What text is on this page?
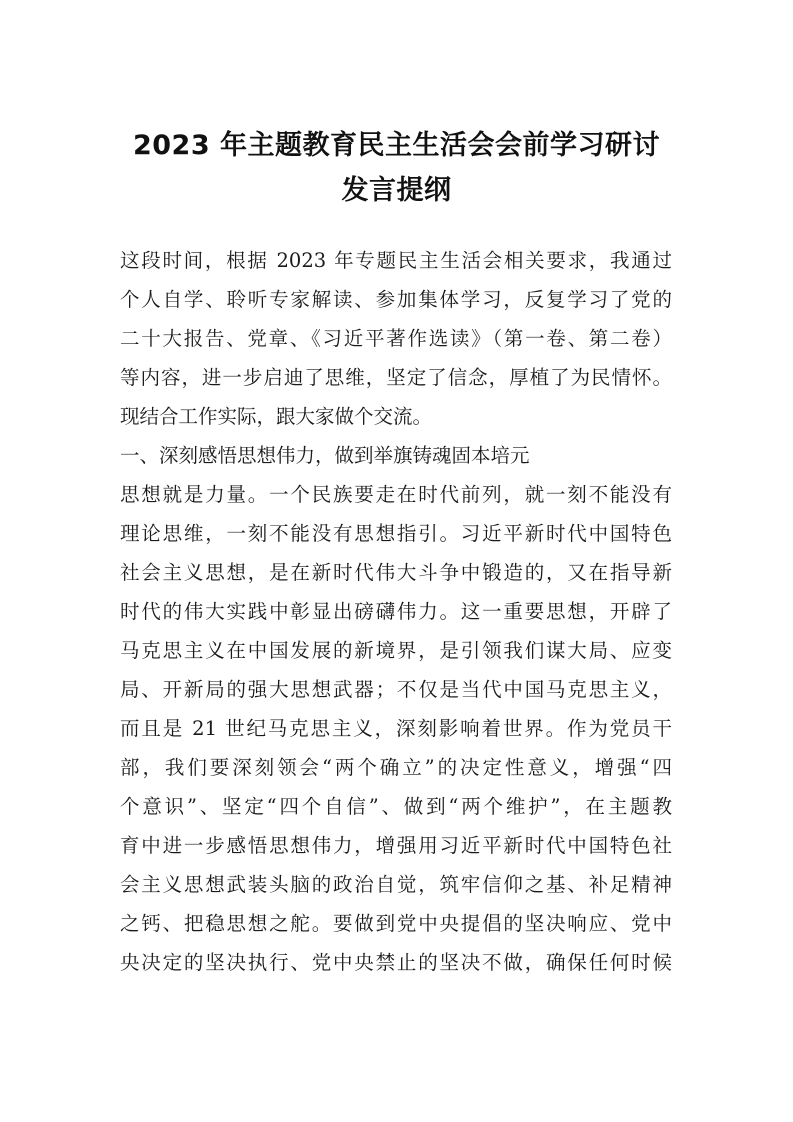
2023 年主题教育民主生活会会前学习研讨
发言提纲
这段时间，根据 2023 年专题民主生活会相关要求，我通过
个人自学、聆听专家解读、参加集体学习，反复学习了党的
二十大报告、党章、《习近平著作选读》（第一卷、第二卷）
等内容，进一步启迪了思维，坚定了信念，厚植了为民情怀。
现结合工作实际，跟大家做个交流。
一、深刻感悟思想伟力，做到举旗铸魂固本培元
思想就是力量。一个民族要走在时代前列，就一刻不能没有
理论思维，一刻不能没有思想指引。习近平新时代中国特色
社会主义思想，是在新时代伟大斗争中锻造的，又在指导新
时代的伟大实践中彰显出磅礴伟力。这一重要思想，开辟了
马克思主义在中国发展的新境界，是引领我们谋大局、应变
局、开新局的强大思想武器；不仅是当代中国马克思主义，
而且是 21 世纪马克思主义，深刻影响着世界。作为党员干
部，我们要深刻领会“两个确立”的决定性意义，增强“四
个意识”、坚定“四个自信”、做到“两个维护”，在主题教
育中进一步感悟思想伟力，增强用习近平新时代中国特色社
会主义思想武装头脑的政治自觉，筑牢信仰之基、补足精神
之钙、把稳思想之舵。要做到党中央提倡的坚决响应、党中
央决定的坚决执行、党中央禁止的坚决不做，确保任何时候
